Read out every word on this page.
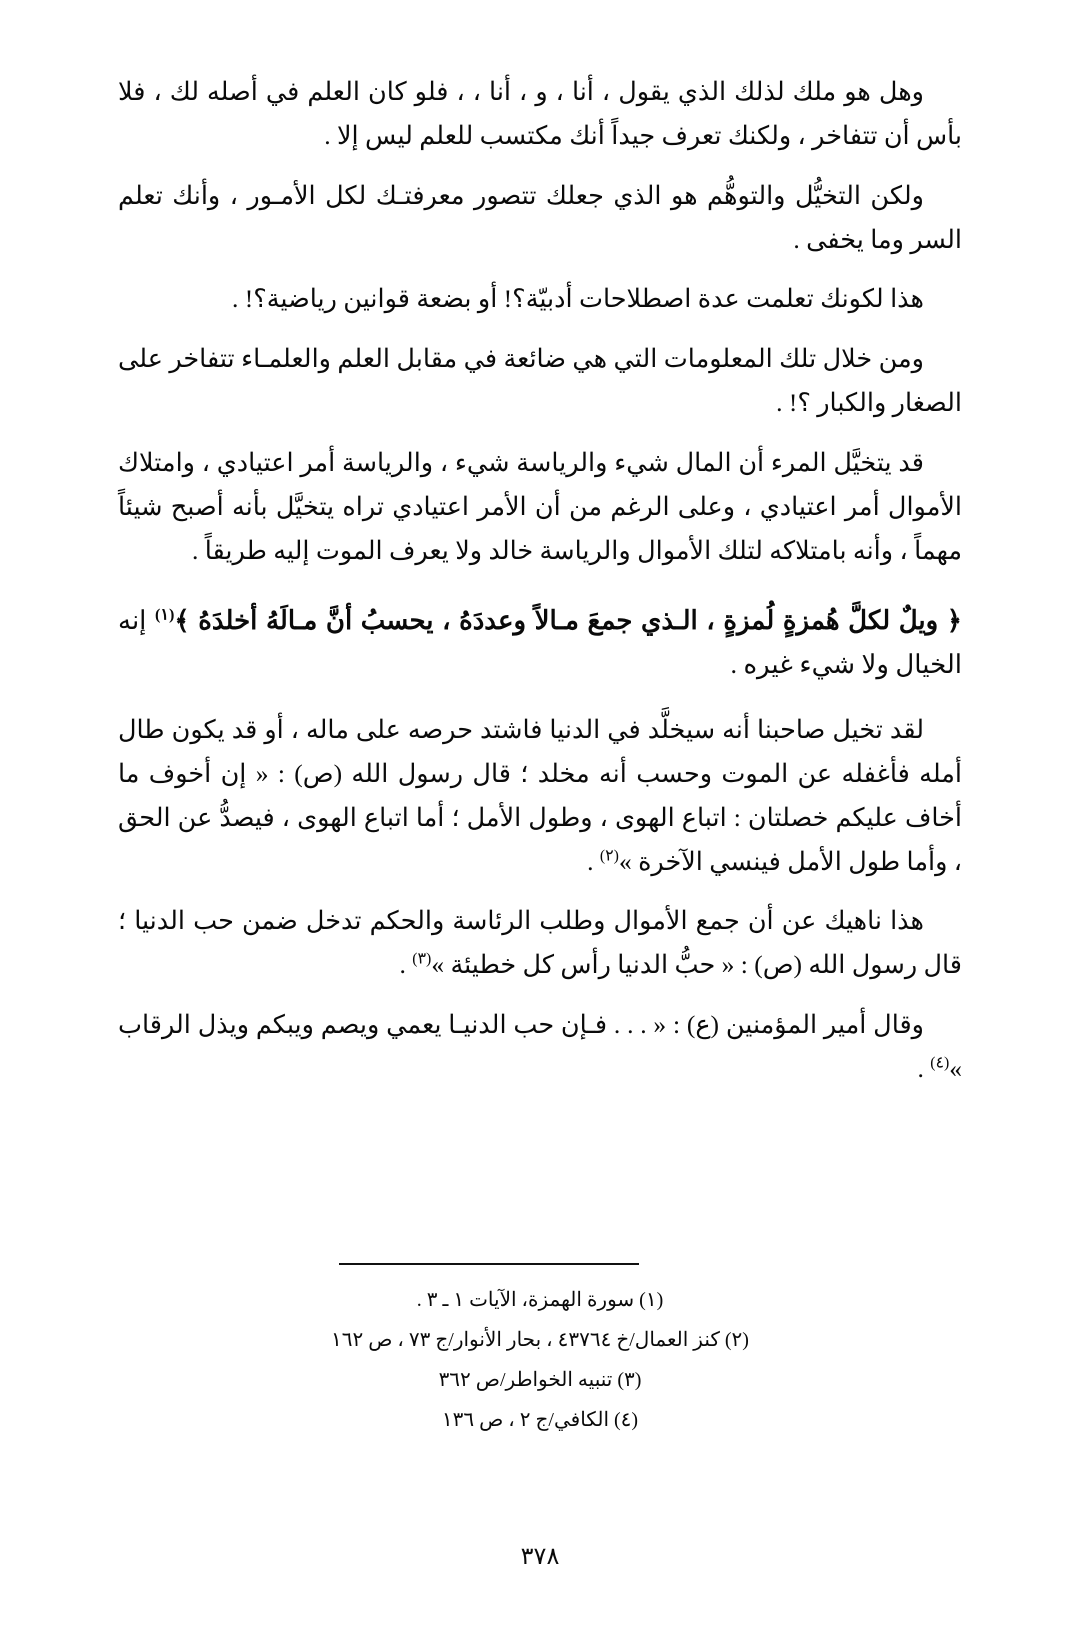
وهل هو ملك لذلك الذي يقول ، أنا ، و ، أنا ، ، فلو كان العلم في أصله لك ، فلا بأس أن تتفاخر ، ولكنك تعرف جيداً أنك مكتسب للعلم ليس إلا .

ولكن التخيُّل والتوهُّم هو الذي جعلك تتصور معرفتـك لكل الأمـور ، وأنك تعلم السر وما يخفى .

هذا لكونك تعلمت عدة اصطلاحات أدبيّة؟! أو بضعة قوانين رياضية؟! .

ومن خلال تلك المعلومات التي هي ضائعة في مقابل العلم والعلمـاء تتفاخر على الصغار والكبار ؟! .

قد يتخيَّل المرء أن المال شيء والرياسة شيء ، والرياسة أمر اعتيادي ، وامتلاك الأموال أمر اعتيادي ، وعلى الرغم من أن الأمر اعتيادي تراه يتخيَّل بأنه أصبح شيئاً مهماً ، وأنه بامتلاكه لتلك الأموال والرياسة خالد ولا يعرف الموت إليه طريقاً .

﴿ ويلٌ لكلَّ هُمزةٍ لُمزةٍ ، الـذي جمعَ مـالاً وعددَهُ ، يحسبُ أنَّ مـالَهُ أخلدَهُ ﴾$^{(١)}$ إنه الخيال ولا شيء غيره .

لقد تخيل صاحبنا أنه سيخلَّد في الدنيا فاشتد حرصه على ماله ، أو قد يكون طال أمله فأغفله عن الموت وحسب أنه مخلد ؛ قال رسول الله (ص) : « إن أخوف ما أخاف عليكم خصلتان : اتباع الهوى ، وطول الأمل ؛ أما اتباع الهوى ، فيصدُّ عن الحق ، وأما طول الأمل فينسي الآخرة »$^{(٢)}$ .

هذا ناهيك عن أن جمع الأموال وطلب الرئاسة والحكم تدخل ضمن حب الدنيا ؛ قال رسول الله (ص) : « حبُّ الدنيا رأس كل خطيئة »$^{(٣)}$ .

وقال أمير المؤمنين (ع) : « . . . فـإن حب الدنيـا يعمي ويصم ويبكم ويذل الرقاب »$^{(٤)}$ .

(١) سورة الهمزة، الآيات ١ ـ ٣ .

(٢) كنز العمال/خ ٤٣٧٦٤ ، بحار الأنوار/ج ٧٣ ، ص ١٦٢

(٣) تنبيه الخواطر/ص ٣٦٢

(٤) الكافي/ج ٢ ، ص ١٣٦

٣٧٨
